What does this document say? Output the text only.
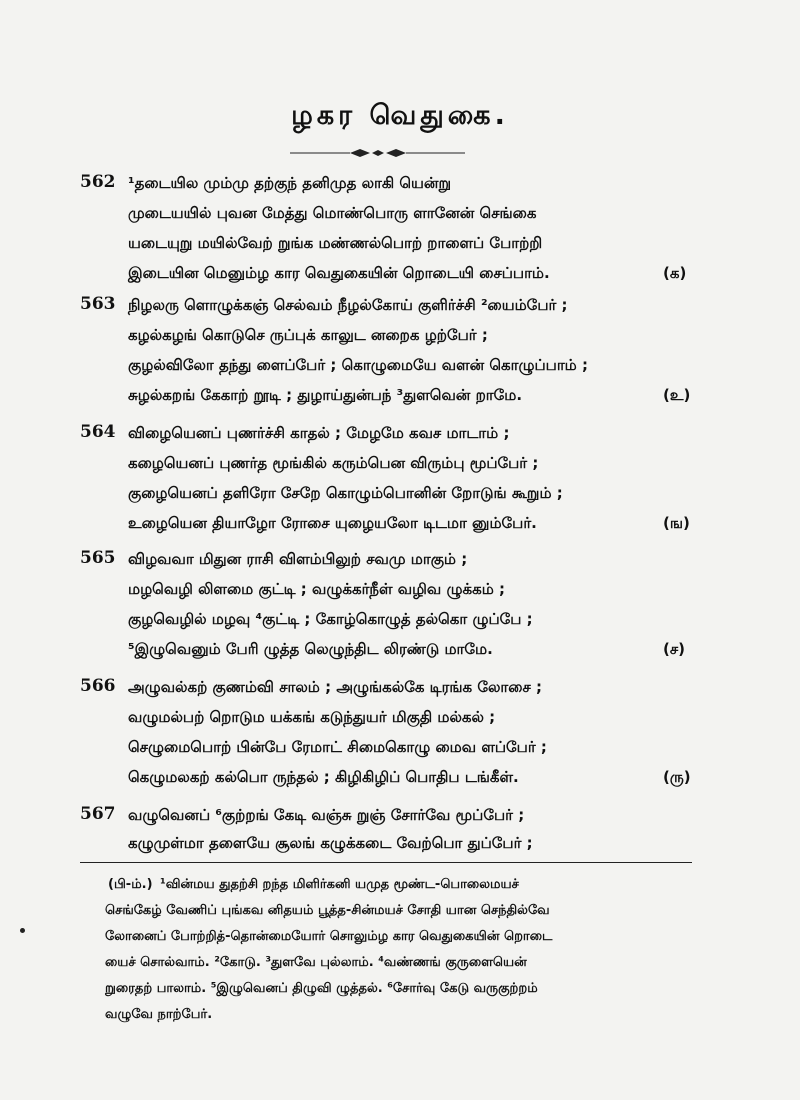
ழகர வெதுகை.
562 ¹தடையில மும்மு தற்குந் தனிமுத லாகி யென்று
முடையயில் புவன மேத்து மொண்பொரு ளானேன் செங்கை
யடையுறு மயில்வேற் றுங்க மண்ணல்பொற் றாளைப் போற்றி
இடையின மெனும்ழ கார வெதுகையின் றொடையி சைப்பாம்.	(க)
563 நிழலரு ளொழுக்கஞ் செல்வம் நீழல்கோய் குளிர்ச்சி ²யைம்பேர் ;
கழல்கழங் கொடுசெ ருப்புக் காலுட னறைக ழற்பேர் ;
குழல்விலோ தந்து ளைப்பேர் ; கொழுமையே வளன் கொழுப்பாம் ;
சுழல்கறங் கேகாற் றூடி ; துழாய்துன்பந் ³துளவென் றாமே.	(உ)
564 விழையெனப் புணர்ச்சி காதல் ; மேழமே கவச மாடாம் ;
கழையெனப் புணர்த மூங்கில் கரும்பென விரும்பு மூப்பேர் ;
குழையெனப் தளிரோ சேறே கொழும்பொனின் றோடுங் கூறும் ;
உழையென தியாழோ ரோசை யுழையலோ டிடமா னும்பேர்.	(ங)
565 விழவவா மிதுன ராசி விளம்பிலுற் சவமு மாகும் ;
மழவெழி லிளமை குட்டி ; வழுக்கர்நீள் வழிவ ழுக்கம் ;
குழவெழில் மழவு ⁴குட்டி ; கோழ்கொழுத் தல்கொ ழுப்பே ;
⁵இழுவெனும் பேரி ழுத்த லெழுந்திட லிரண்டு மாமே.	(ச)
566 அழுவல்கற் குணம்வி சாலம் ; அழுங்கல்கே டிரங்க லோசை ;
வழுமல்பற் றொடும யக்கங் கடுந்துயர் மிகுதி மல்கல் ;
செழுமைபொற் பின்பே ரேமாட் சிமைகொழு மைவ ளப்பேர் ;
கெழுமலகற் கல்பொ ருந்தல் ; கிழிகிழிப் பொதிப டங்கீள்.	(ரு)
567 வழுவெனப் ⁶குற்றங் கேடி வஞ்சு றுஞ் சோர்வே மூப்பேர் ;
கழுமுள்மா தளையே சூலங் கழுக்கடை வேற்பொ துப்பேர் ;
(பி-ம்.) ¹வின்மய துதற்சி றந்த மிளிர்கனி யமுத மூண்ட-பொலைமயச்
செங்கேழ் வேணிப் புங்கவ னிதயம் பூத்த-சின்மயச் சோதி யான செந்தில்வே
லோனைப் போற்றித்-தொன்மையோர் சொலும்ழ கார வெதுகையின் றொடை
யைச் சொல்வாம். ²கோடு. ³துளவே புல்லாம். ⁴வண்ணங் குருளையென்
றுரைதற் பாலாம். ⁵இழுவெனப் திழுவி ழுத்தல். ⁶சோர்வு கேடு வருகுற்றம்
வழுவே நாற்பேர்.
